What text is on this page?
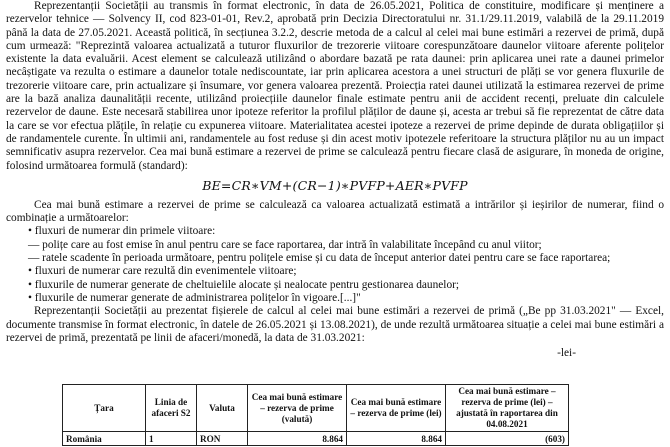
Reprezentanții Societății au transmis în format electronic, în data de 26.05.2021, Politica de constituire, modificare și menținere a rezervelor tehnice — Solvency II, cod 823-01-01, Rev.2, aprobată prin Decizia Directoratului nr. 31.1/29.11.2019, valabilă de la 29.11.2019 până la data de 27.05.2021. Această politică, în secțiunea 3.2.2, descrie metoda de a calcul al celei mai bune estimări a rezervei de primă, după cum urmează: "Reprezintă valoarea actualizată a tuturor fluxurilor de trezorerie viitoare corespunzătoare daunelor viitoare aferente polițelor existente la data evaluării. Acest element se calculează utilizând o abordare bazată pe rata daunei: prin aplicarea unei rate a daunei primelor necâștigate va rezulta o estimare a daunelor totale nediscountate, iar prin aplicarea acestora a unei structuri de plăți se vor genera fluxurile de trezorerie viitoare care, prin actualizare și însumare, vor genera valoarea prezentă. Proiecția ratei daunei utilizată la estimarea rezervei de prime are la bază analiza daunalității recente, utilizând proiecțiile daunelor finale estimate pentru anii de accident recenți, preluate din calculele rezervelor de daune. Este necesară stabilirea unor ipoteze referitor la profilul plăților de daune și, acesta ar trebui să fie reprezentat de către data la care se vor efectua plățile, în relație cu expunerea viitoare. Materialitatea acestei ipoteze a rezervei de prime depinde de durata obligațiilor și de randamentele curente. În ultimii ani, randamentele au fost reduse și din acest motiv ipotezele referitoare la structura plăților nu au un impact semnificativ asupra rezervelor. Cea mai bună estimare a rezervei de prime se calculează pentru fiecare clasă de asigurare, în moneda de origine, folosind următoarea formulă (standard):

BE=CR∗VM+(CR−1)∗PVFP+AER∗PVFP

Cea mai bună estimare a rezervei de prime se calculează ca valoarea actualizată estimată a intrărilor și ieșirilor de numerar, fiind o combinație a următoarelor:

• fluxuri de numerar din primele viitoare:

— polițe care au fost emise în anul pentru care se face raportarea, dar intră în valabilitate începând cu anul viitor;

— ratele scadente în perioada următoare, pentru polițele emise și cu data de început anterior datei pentru care se face raportarea;

• fluxuri de numerar care rezultă din evenimentele viitoare;

• fluxurile de numerar generate de cheltuielile alocate și nealocate pentru gestionarea daunelor;

• fluxurile de numerar generate de administrarea polițelor în vigoare.[...]"

Reprezentanții Societății au prezentat fișierele de calcul al celei mai bune estimări a rezervei de primă („Be pp 31.03.2021" — Excel, documente transmise în format electronic, în datele de 26.05.2021 și 13.08.2021), de unde rezultă următoarea situație a celei mai bune estimări a rezervei de primă, prezentată pe linii de afaceri/monedă, la data de 31.03.2021:

-lei-

Țara	Linia de afaceri S2	Valuta	Cea mai bună estimare – rezerva de prime (valută)	Cea mai bună estimare – rezerva de prime (lei)	Cea mai bună estimare – rezerva de prime (lei) – ajustată în raportarea din 04.08.2021
România	1	RON	8.864	8.864	(603)
